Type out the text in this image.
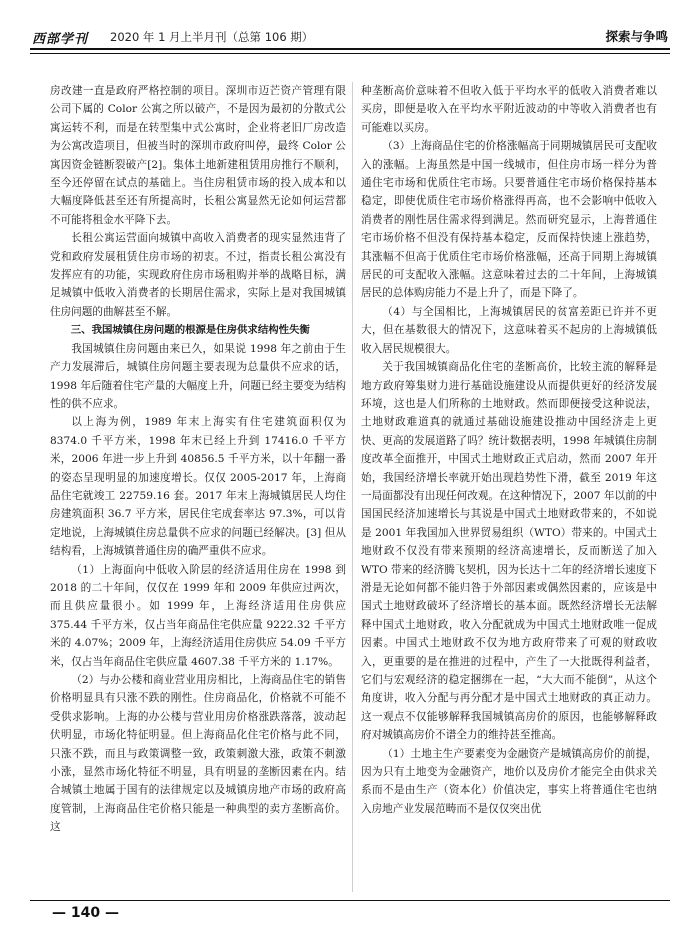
西部学刊 2020 年 1 月上半月刊（总第 106 期）	探索与争鸣

房改建一直是政府严格控制的项目。深圳市迈芒资产管理有限公司下属的 Color 公寓之所以破产，不是因为最初的分散式公寓运转不利，而是在转型集中式公寓时，企业将老旧厂房改造为公寓改造项目，但被当时的深圳市政府叫停，最终 Color 公寓因资金链断裂破产[2]。集体土地新建租赁用房推行不顺利，至今还停留在试点的基础上。当住房租赁市场的投入成本和以大幅度降低甚至还有所提高时，长租公寓显然无论如何运营都不可能将租金水平降下去。

长租公寓运营面向城镇中高收入消费者的现实显然违背了党和政府发展租赁住房市场的初衷。不过，指责长租公寓没有发挥应有的功能，实现政府住房市场租购并举的战略目标，满足城镇中低收入消费者的长期居住需求，实际上是对我国城镇住房问题的曲解甚至不解。

三、我国城镇住房问题的根源是住房供求结构性失衡

我国城镇住房问题由来已久，如果说 1998 年之前由于生产力发展滞后，城镇住房问题主要表现为总量供不应求的话，1998 年后随着住宅产量的大幅度上升，问题已经主要变为结构性的供不应求。

以上海为例，1989 年末上海实有住宅建筑面积仅为 8374.0 千平方米，1998 年末已经上升到 17416.0 千平方米，2006 年进一步上升到 40856.5 千平方米，以十年翻一番的姿态呈现明显的加速度增长。仅仅 2005-2017 年，上海商品住宅就竣工 22759.16 套。2017 年末上海城镇居民人均住房建筑面积 36.7 平方米，居民住宅成套率达 97.3%，可以肯定地说，上海城镇住房总量供不应求的问题已经解决。[3] 但从结构看，上海城镇普通住房的确严重供不应求。

（1）上海面向中低收入阶层的经济适用住房在 1998 到 2018 的二十年间，仅仅在 1999 年和 2009 年供应过两次，而且供应量很小。如 1999 年，上海经济适用住房供应 375.44 千平方米，仅占当年商品住宅供应量 9222.32 千平方米的 4.07%；2009 年，上海经济适用住房供应 54.09 千平方米，仅占当年商品住宅供应量 4607.38 千平方米的 1.17%。

（2）与办公楼和商业营业用房相比，上海商品住宅的销售价格明显具有只涨不跌的刚性。住房商品化，价格就不可能不受供求影响。上海的办公楼与营业用房价格涨跌落落，波动起伏明显，市场化特征明显。但上海商品化住宅价格与此不同，只涨不跌，而且与政策调整一致，政策刺激大涨，政策不刺激小涨，显然市场化特征不明显，具有明显的垄断因素在内。结合城镇土地属于国有的法律规定以及城镇房地产市场的政府高度管制，上海商品住宅价格只能是一种典型的卖方垄断高价。这

种垄断高价意味着不但收入低于平均水平的低收入消费者难以买房，即便是收入在平均水平附近波动的中等收入消费者也有可能难以买房。

（3）上海商品住宅的价格涨幅高于同期城镇居民可支配收入的涨幅。上海虽然是中国一线城市，但住房市场一样分为普通住宅市场和优质住宅市场。只要普通住宅市场价格保持基本稳定，即使优质住宅市场价格涨得再高，也不会影响中低收入消费者的刚性居住需求得到满足。然而研究显示，上海普通住宅市场价格不但没有保持基本稳定，反而保持快速上涨趋势，其涨幅不但高于优质住宅市场价格涨幅，还高于同期上海城镇居民的可支配收入涨幅。这意味着过去的二十年间，上海城镇居民的总体购房能力不是上升了，而是下降了。

（4）与全国相比，上海城镇居民的贫富差距已许并不更大，但在基数很大的情况下，这意味着买不起房的上海城镇低收入居民规模很大。

关于我国城镇商品化住宅的垄断高价，比较主流的解释是地方政府筹集财力进行基础设施建设从而提供更好的经济发展环境，这也是人们所称的土地财政。然而即便接受这种说法，土地财政难道真的就通过基础设施建设推动中国经济走上更快、更高的发展道路了吗？统计数据表明，1998 年城镇住房制度改革全面推开，中国式土地财政正式启动，然而 2007 年开始，我国经济增长率就开始出现趋势性下滑，截至 2019 年这一局面都没有出现任何改观。在这种情况下，2007 年以前的中国国民经济加速增长与其说是中国式土地财政带来的，不如说是 2001 年我国加入世界贸易组织（WTO）带来的。中国式土地财政不仅没有带来预期的经济高速增长，反而断送了加入 WTO 带来的经济腾飞契机，因为长达十二年的经济增长速度下滑是无论如何都不能归咎于外部因素或偶然因素的，应该是中国式土地财政破坏了经济增长的基本面。既然经济增长无法解释中国式土地财政，收入分配就成为中国式土地财政唯一促成因素。中国式土地财政不仅为地方政府带来了可观的财政收入，更重要的是在推进的过程中，产生了一大批既得利益者，它们与宏观经济的稳定捆绑在一起，“大大而不能倒”，从这个角度讲，收入分配与再分配才是中国式土地财政的真正动力。这一观点不仅能够解释我国城镇高房价的原因，也能够解释政府对城镇高房价不谱全力的维持甚至推高。

（1）土地主生产要素变为金融资产是城镇高房价的前提，因为只有土地变为金融资产，地价以及房价才能完全由供求关系而不是由生产（资本化）价值决定，事实上将普通住宅也纳入房地产业发展范畴而不是仅仅突出优

— 140 —
